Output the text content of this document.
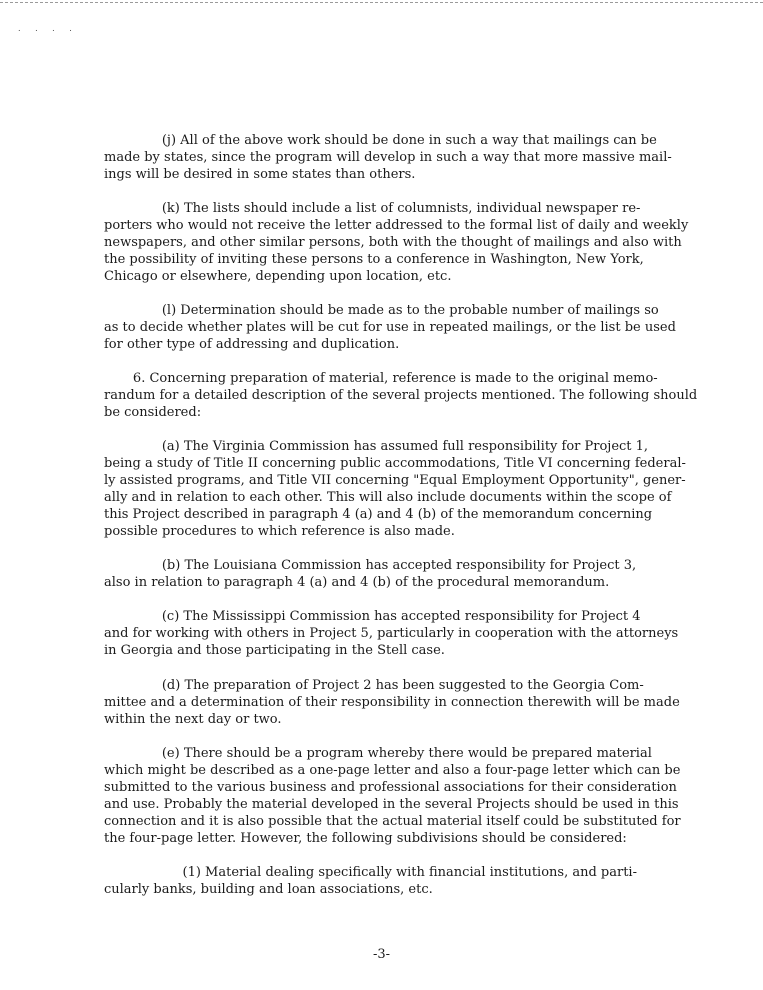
. . . .
(j) All of the above work should be done in such a way that mailings can be
made by states, since the program will develop in such a way that more massive mail-
ings will be desired in some states than others.
(k) The lists should include a list of columnists, individual newspaper re-
porters who would not receive the letter addressed to the formal list of daily and weekly
newspapers, and other similar persons, both with the thought of mailings and also with
the possibility of inviting these persons to a conference in Washington, New York,
Chicago or elsewhere, depending upon location, etc.
(l) Determination should be made as to the probable number of mailings so
as to decide whether plates will be cut for use in repeated mailings, or the list be used
for other type of addressing and duplication.
6. Concerning preparation of material, reference is made to the original memo-
randum for a detailed description of the several projects mentioned. The following should
be considered:
(a) The Virginia Commission has assumed full responsibility for Project 1,
being a study of Title II concerning public accommodations, Title VI concerning federal-
ly assisted programs, and Title VII concerning "Equal Employment Opportunity", gener-
ally and in relation to each other. This will also include documents within the scope of
this Project described in paragraph 4 (a) and 4 (b) of the memorandum concerning
possible procedures to which reference is also made.
(b) The Louisiana Commission has accepted responsibility for Project 3,
also in relation to paragraph 4 (a) and 4 (b) of the procedural memorandum.
(c) The Mississippi Commission has accepted responsibility for Project 4
and for working with others in Project 5, particularly in cooperation with the attorneys
in Georgia and those participating in the Stell case.
(d) The preparation of Project 2 has been suggested to the Georgia Com-
mittee and a determination of their responsibility in connection therewith will be made
within the next day or two.
(e) There should be a program whereby there would be prepared material
which might be described as a one-page letter and also a four-page letter which can be
submitted to the various business and professional associations for their consideration
and use. Probably the material developed in the several Projects should be used in this
connection and it is also possible that the actual material itself could be substituted for
the four-page letter. However, the following subdivisions should be considered:
(1) Material dealing specifically with financial institutions, and parti-
cularly banks, building and loan associations, etc.
-3-
